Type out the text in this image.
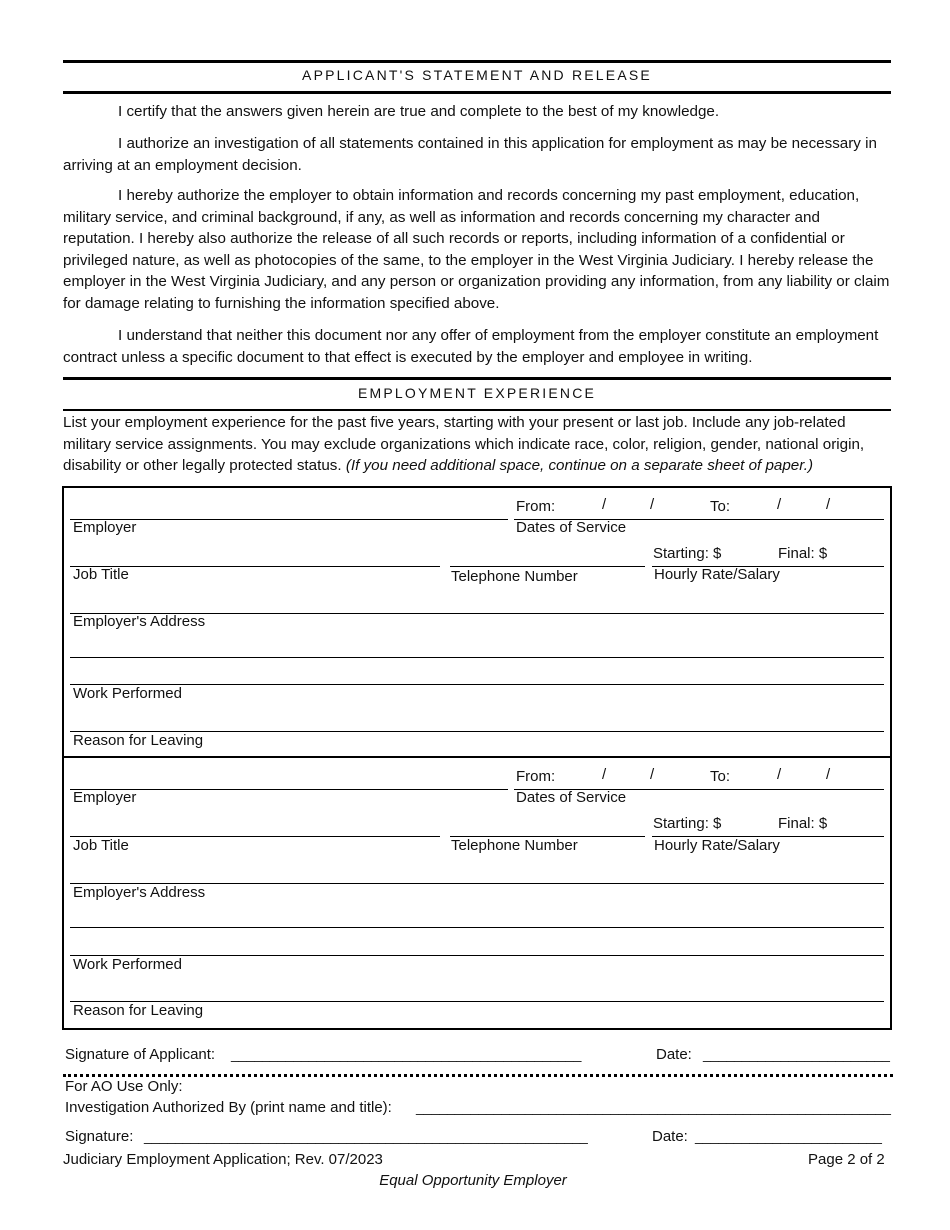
APPLICANT'S STATEMENT AND RELEASE
I certify that the answers given herein are true and complete to the best of my knowledge.
I authorize an investigation of all statements contained in this application for employment as may be necessary in arriving at an employment decision.
I hereby authorize the employer to obtain information and records concerning my past employment, education, military service, and criminal background, if any, as well as information and records concerning my character and reputation. I hereby also authorize the release of all such records or reports, including information of a confidential or privileged nature, as well as photocopies of the same, to the employer in the West Virginia Judiciary. I hereby release the employer in the West Virginia Judiciary, and any person or organization providing any information, from any liability or claim for damage relating to furnishing the information specified above.
I understand that neither this document nor any offer of employment from the employer constitute an employment contract unless a specific document to that effect is executed by the employer and employee in writing.
EMPLOYMENT EXPERIENCE
List your employment experience for the past five years, starting with your present or last job. Include any job-related military service assignments. You may exclude organizations which indicate race, color, religion, gender, national origin, disability or other legally protected status. (If you need additional space, continue on a separate sheet of paper.)
From:	/	/	To:	/	/
Employer	Dates of Service
Starting: $	Final: $
Job Title	Telephone Number	Hourly Rate/Salary
Employer's Address
Work Performed
Reason for Leaving
From:	/	/	To:	/	/
Employer	Dates of Service
Starting: $	Final: $
Job Title	Telephone Number	Hourly Rate/Salary
Employer's Address
Work Performed
Reason for Leaving
Signature of Applicant: _____________________________________________	Date: ________________________
For AO Use Only:
Investigation Authorized By (print name and title): _____________________________________________________________
Signature: _________________________________________________________	Date: ________________________
Judiciary Employment Application; Rev. 07/2023	Page 2 of 2
Equal Opportunity Employer
